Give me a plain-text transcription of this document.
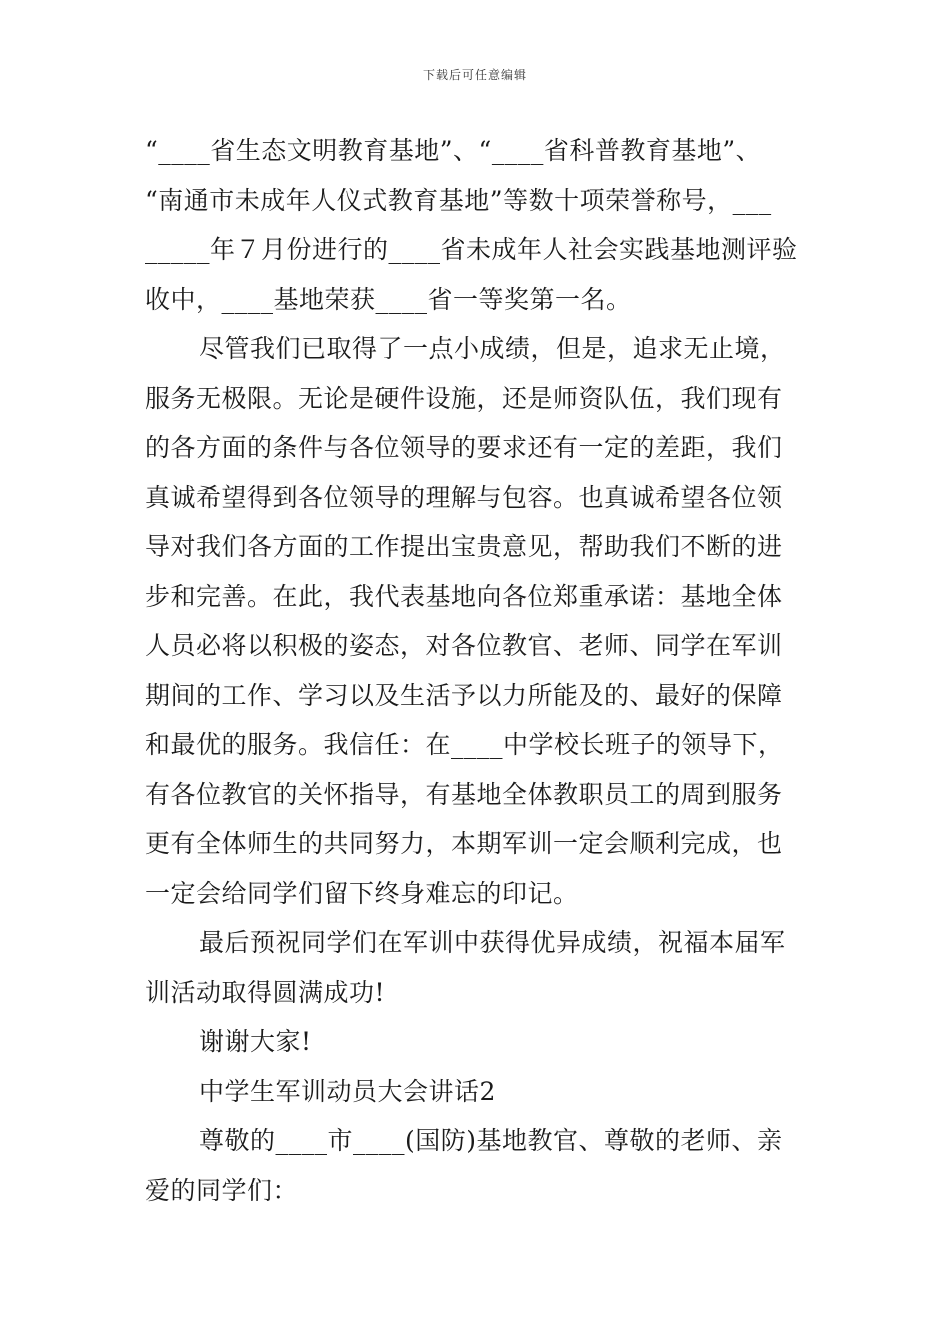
下载后可任意编辑
“____省生态文明教育基地”、“____省科普教育基地”、
“南通市未成年人仪式教育基地”等数十项荣誉称号，___
_____年７月份进行的____省未成年人社会实践基地测评验
收中，____基地荣获____省一等奖第一名。
尽管我们已取得了一点小成绩，但是，追求无止境，
服务无极限。无论是硬件设施，还是师资队伍，我们现有
的各方面的条件与各位领导的要求还有一定的差距，我们
真诚希望得到各位领导的理解与包容。也真诚希望各位领
导对我们各方面的工作提出宝贵意见，帮助我们不断的进
步和完善。在此，我代表基地向各位郑重承诺：基地全体
人员必将以积极的姿态，对各位教官、老师、同学在军训
期间的工作、学习以及生活予以力所能及的、最好的保障
和最优的服务。我信任：在____中学校长班子的领导下，
有各位教官的关怀指导，有基地全体教职员工的周到服务
更有全体师生的共同努力，本期军训一定会顺利完成，也
一定会给同学们留下终身难忘的印记。
最后预祝同学们在军训中获得优异成绩，祝福本届军
训活动取得圆满成功!
谢谢大家!
中学生军训动员大会讲话2
尊敬的____市____(国防)基地教官、尊敬的老师、亲
爱的同学们：
